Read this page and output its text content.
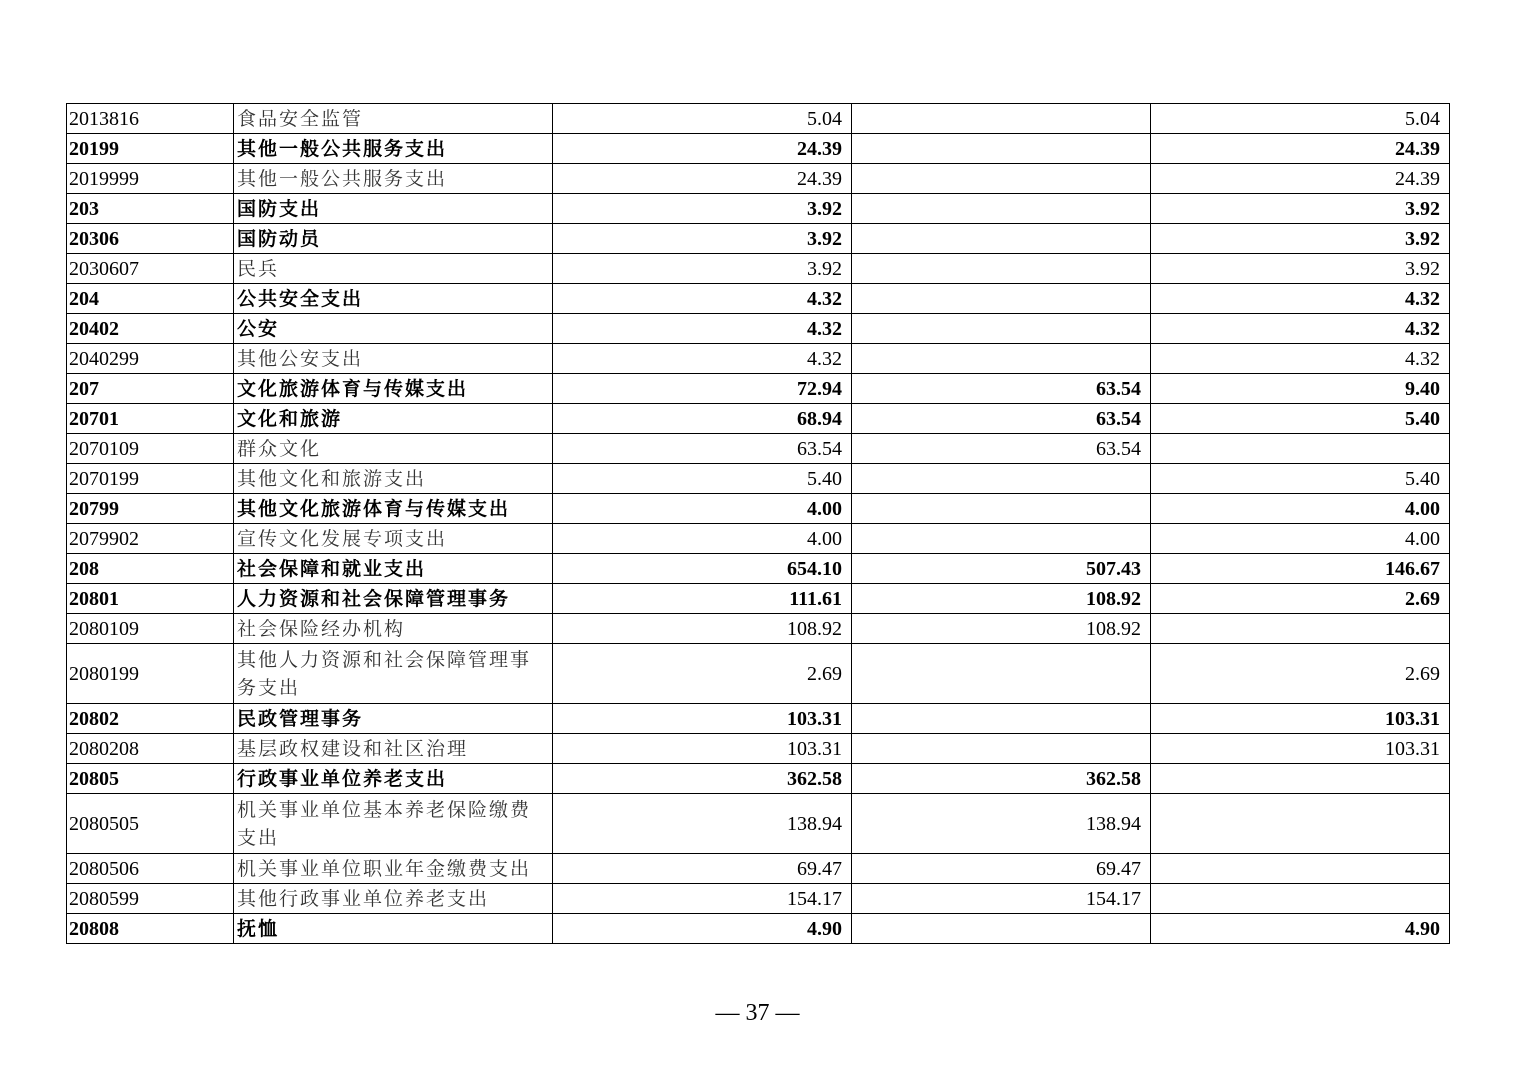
2013816	食品安全监管	5.04		5.04
20199	其他一般公共服务支出	24.39		24.39
2019999	其他一般公共服务支出	24.39		24.39
203	国防支出	3.92		3.92
20306	国防动员	3.92		3.92
2030607	民兵	3.92		3.92
204	公共安全支出	4.32		4.32
20402	公安	4.32		4.32
2040299	其他公安支出	4.32		4.32
207	文化旅游体育与传媒支出	72.94	63.54	9.40
20701	文化和旅游	68.94	63.54	5.40
2070109	群众文化	63.54	63.54	
2070199	其他文化和旅游支出	5.40		5.40
20799	其他文化旅游体育与传媒支出	4.00		4.00
2079902	宣传文化发展专项支出	4.00		4.00
208	社会保障和就业支出	654.10	507.43	146.67
20801	人力资源和社会保障管理事务	111.61	108.92	2.69
2080109	社会保险经办机构	108.92	108.92	
2080199	其他人力资源和社会保障管理事务支出	2.69		2.69
20802	民政管理事务	103.31		103.31
2080208	基层政权建设和社区治理	103.31		103.31
20805	行政事业单位养老支出	362.58	362.58	
2080505	机关事业单位基本养老保险缴费支出	138.94	138.94	
2080506	机关事业单位职业年金缴费支出	69.47	69.47	
2080599	其他行政事业单位养老支出	154.17	154.17	
20808	抚恤	4.90		4.90
— 37 —
